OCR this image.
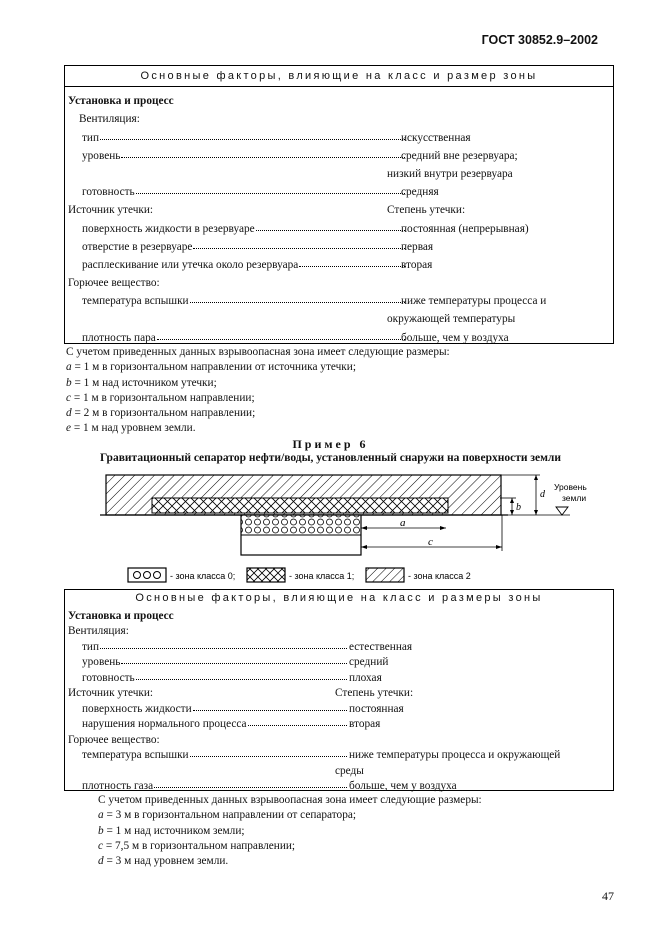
ГОСТ 30852.9–2002
Основные факторы, влияющие на класс и размер зоны
Установка и процесс
Вентиляция:
тип	искусственная
уровень	средний вне резервуара;
низкий внутри резервуара
готовность	средняя
Источник утечки:	Степень утечки:
поверхность жидкости в резервуаре	постоянная (непрерывная)
отверстие в резервуаре	первая
расплескивание или утечка около резервуара	вторая
Горючее вещество:
температура вспышки	ниже температуры процесса и
окружающей температуры
плотность пара	больше, чем у воздуха
С учетом приведенных данных взрывоопасная зона имеет следующие размеры:
a = 1 м в горизонтальном направлении от источника утечки;
b = 1 м над источником утечки;
c = 1 м в горизонтальном направлении;
d = 2 м в горизонтальном направлении;
e = 1 м над уровнем земли.
Пример 6
Гравитационный сепаратор нефти/воды, установленный снаружи на поверхности земли
a
c
b
d
Уровень
земли
- зона класса 0;	- зона класса 1;	- зона класса 2
Основные факторы, влияющие на класс и размеры зоны
Установка и процесс
Вентиляция:
тип	естественная
уровень	средний
готовность	плохая
Источник утечки:	Степень утечки:
поверхность жидкости	постоянная
нарушения нормального процесса	вторая
Горючее вещество:
температура вспышки	ниже температуры процесса и окружающей
среды
плотность газа	больше, чем у воздуха
С учетом приведенных данных взрывоопасная зона имеет следующие размеры:
a = 3 м в горизонтальном направлении от сепаратора;
b = 1 м над источником земли;
c = 7,5 м в горизонтальном направлении;
d = 3 м над уровнем земли.
47
